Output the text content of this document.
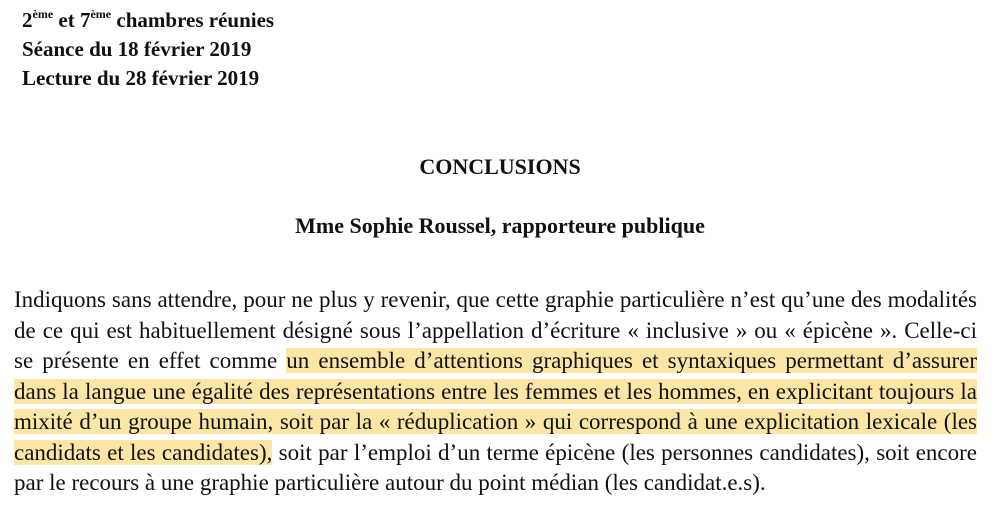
2ème et 7ème chambres réunies
Séance du 18 février 2019
Lecture du 28 février 2019
CONCLUSIONS
Mme Sophie Roussel, rapporteure publique

Indiquons sans attendre, pour ne plus y revenir, que cette graphie particulière n’est qu’une des modalités de ce qui est habituellement désigné sous l’appellation d’écriture « inclusive » ou « épicène ». Celle-ci se présente en effet comme un ensemble d’attentions graphiques et syntaxiques permettant d’assurer dans la langue une égalité des représentations entre les femmes et les hommes, en explicitant toujours la mixité d’un groupe humain, soit par la « réduplication » qui correspond à une explicitation lexicale (les candidats et les candidates), soit par l’emploi d’un terme épicène (les personnes candidates), soit encore par le recours à une graphie particulière autour du point médian (les candidat.e.s).
